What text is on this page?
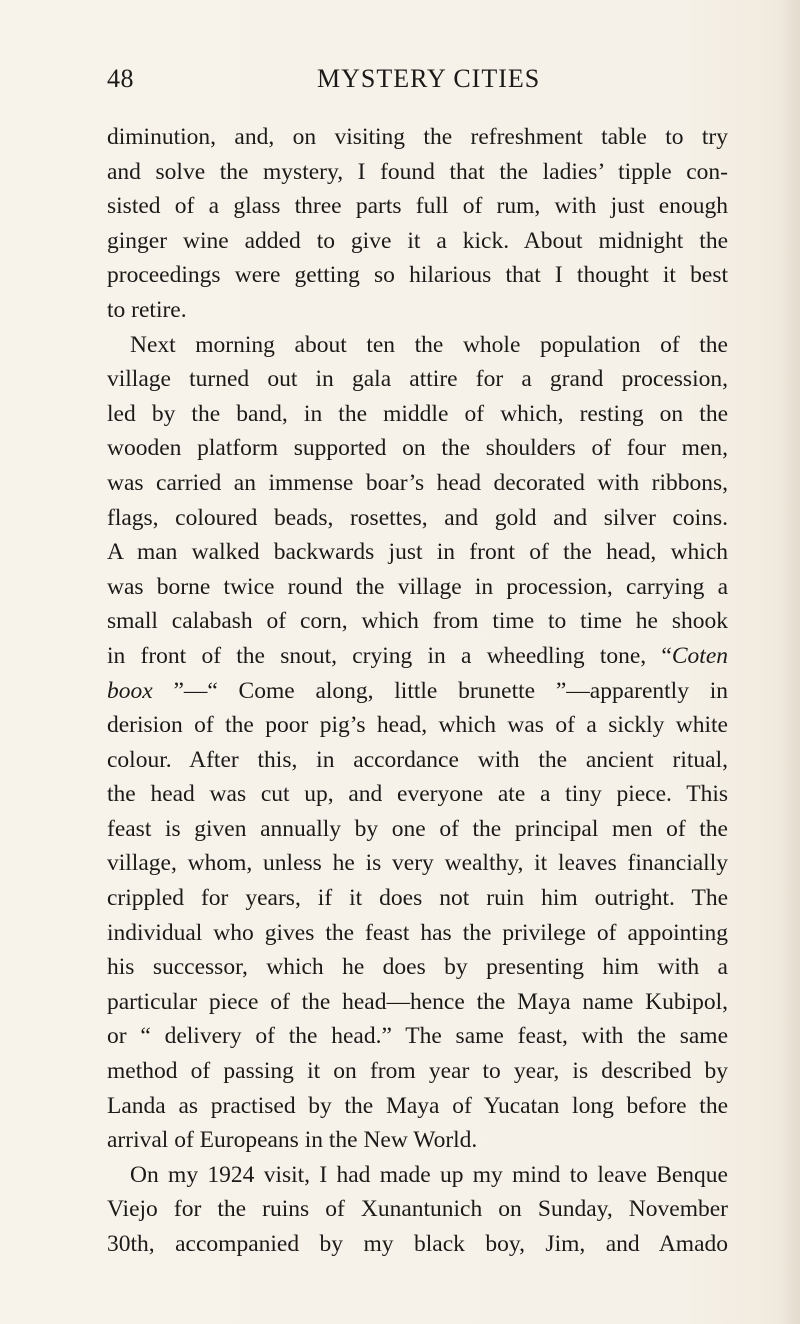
48	MYSTERY CITIES
diminution, and, on visiting the refreshment table to try
and solve the mystery, I found that the ladies’ tipple con-
sisted of a glass three parts full of rum, with just enough
ginger wine added to give it a kick. About midnight the
proceedings were getting so hilarious that I thought it best
to retire.
Next morning about ten the whole population of the
village turned out in gala attire for a grand procession,
led by the band, in the middle of which, resting on the
wooden platform supported on the shoulders of four men,
was carried an immense boar’s head decorated with ribbons,
flags, coloured beads, rosettes, and gold and silver coins.
A man walked backwards just in front of the head, which
was borne twice round the village in procession, carrying a
small calabash of corn, which from time to time he shook
in front of the snout, crying in a wheedling tone, “Coten
boox ”—“ Come along, little brunette ”—apparently in
derision of the poor pig’s head, which was of a sickly white
colour. After this, in accordance with the ancient ritual,
the head was cut up, and everyone ate a tiny piece. This
feast is given annually by one of the principal men of the
village, whom, unless he is very wealthy, it leaves financially
crippled for years, if it does not ruin him outright. The
individual who gives the feast has the privilege of appointing
his successor, which he does by presenting him with a
particular piece of the head—hence the Maya name Kubipol,
or “ delivery of the head.” The same feast, with the same
method of passing it on from year to year, is described by
Landa as practised by the Maya of Yucatan long before the
arrival of Europeans in the New World.
On my 1924 visit, I had made up my mind to leave Benque
Viejo for the ruins of Xunantunich on Sunday, November
30th, accompanied by my black boy, Jim, and Amado
